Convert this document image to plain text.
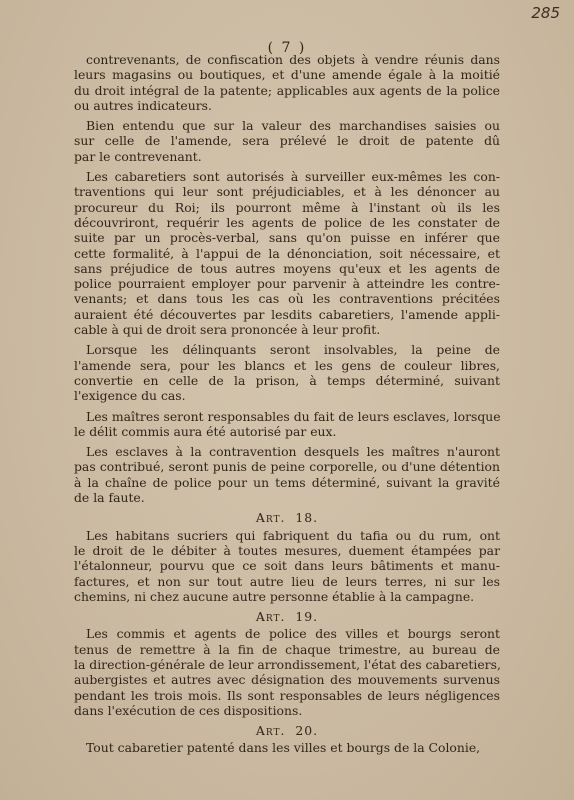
285
( 7 )

contrevenants, de confiscation des objets à vendre réunis dans
leurs magasins ou boutiques, et d'une amende égale à la moitié
du droit intégral de la patente; applicables aux agents de la police
ou autres indicateurs.

Bien entendu que sur la valeur des marchandises saisies ou
sur celle de l'amende, sera prélevé le droit de patente dû
par le contrevenant.

Les cabaretiers sont autorisés à surveiller eux-mêmes les con-
traventions qui leur sont préjudiciables, et à les dénoncer au
procureur du Roi; ils pourront même à l'instant où ils les
découvriront, requérir les agents de police de les constater de
suite par un procès-verbal, sans qu'on puisse en inférer que
cette formalité, à l'appui de la dénonciation, soit nécessaire, et
sans préjudice de tous autres moyens qu'eux et les agents de
police pourraient employer pour parvenir à atteindre les contre-
venants; et dans tous les cas où les contraventions précitées
auraient été découvertes par lesdits cabaretiers, l'amende appli-
cable à qui de droit sera prononcée à leur profit.

Lorsque les délinquants seront insolvables, la peine de
l'amende sera, pour les blancs et les gens de couleur libres,
convertie en celle de la prison, à temps déterminé, suivant
l'exigence du cas.

Les maîtres seront responsables du fait de leurs esclaves, lorsque
le délit commis aura été autorisé par eux.

Les esclaves à la contravention desquels les maîtres n'auront
pas contribué, seront punis de peine corporelle, ou d'une détention
à la chaîne de police pour un tems déterminé, suivant la gravité
de la faute.

Art. 18.

Les habitans sucriers qui fabriquent du tafia ou du rum, ont
le droit de le débiter à toutes mesures, duement étampées par
l'étalonneur, pourvu que ce soit dans leurs bâtiments et manu-
factures, et non sur tout autre lieu de leurs terres, ni sur les
chemins, ni chez aucune autre personne établie à la campagne.

Art. 19.

Les commis et agents de police des villes et bourgs seront
tenus de remettre à la fin de chaque trimestre, au bureau de
la direction-générale de leur arrondissement, l'état des cabaretiers,
aubergistes et autres avec désignation des mouvements survenus
pendant les trois mois. Ils sont responsables de leurs négligences
dans l'exécution de ces dispositions.

Art. 20.

Tout cabaretier patenté dans les villes et bourgs de la Colonie,
